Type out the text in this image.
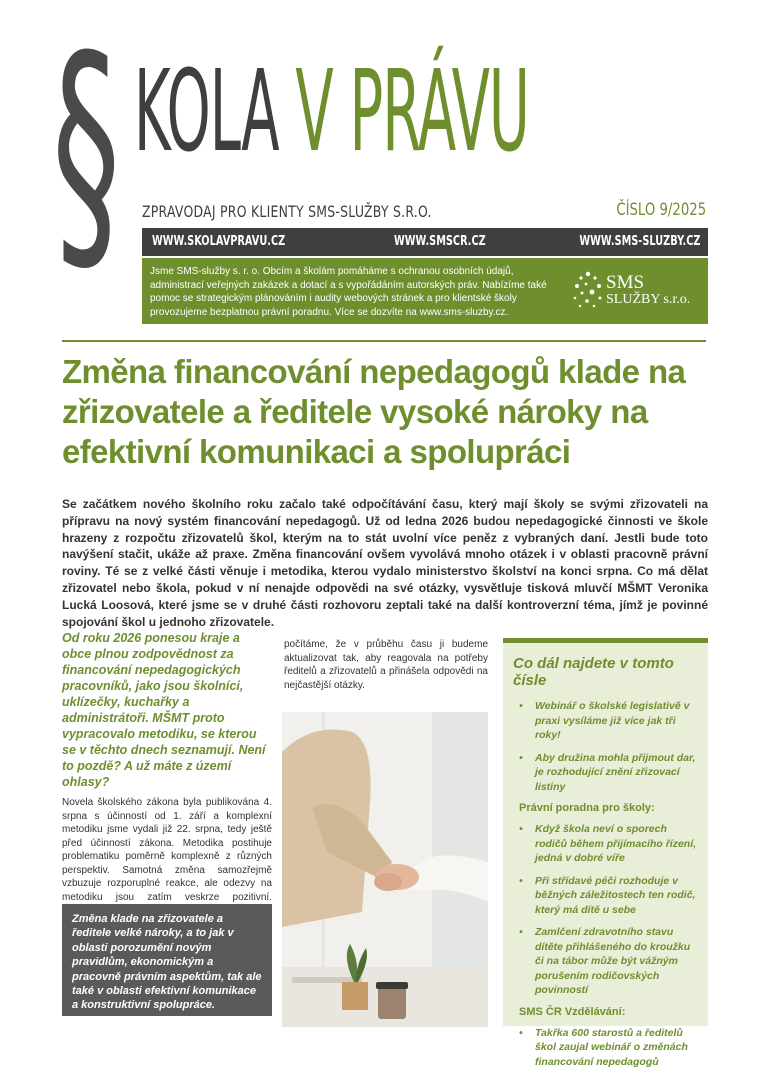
§ KOLA V PRÁVU
ZPRAVODAJ PRO KLIENTY SMS-SLUŽBY S.R.O.	ČÍSLO 9/2025
WWW.SKOLAVPRAVU.CZ	WWW.SMSCR.CZ	WWW.SMS-SLUZBY.CZ
Jsme SMS-služby s. r. o. Obcím a školám pomáháme s ochranou osobních údajů, administrací veřejných zakázek a dotací a s vypořádáním autorských práv. Nabízíme také pomoc se strategickým plánováním i audity webových stránek a pro klientské školy provozujeme bezplatnou právní poradnu. Více se dozvíte na www.sms-sluzby.cz.
SMS
SLUŽBY s.r.o.
Změna financování nepedagogů klade na zřizovatele a ředitele vysoké nároky na efektivní komunikaci a spolupráci

Se začátkem nového školního roku začalo také odpočítávání času, který mají školy se svými zřizovateli na přípravu na nový systém financování nepedagogů. Už od ledna 2026 budou nepedagogické činnosti ve škole hrazeny z rozpočtu zřizovatelů škol, kterým na to stát uvolní více peněz z vybraných daní. Jestli bude toto navýšení stačit, ukáže až praxe. Změna financování ovšem vyvolává mnoho otázek i v oblasti pracovně právní roviny. Té se z velké části věnuje i metodika, kterou vydalo ministerstvo školství na konci srpna. Co má dělat zřizovatel nebo škola, pokud v ní nenajde odpovědi na své otázky, vysvětluje tisková mluvčí MŠMT Veronika Lucká Loosová, které jsme se v druhé části rozhovoru zeptali také na další kontroverzní téma, jímž je povinné spojování škol u jednoho zřizovatele.

Od roku 2026 ponesou kraje a obce plnou zodpovědnost za financování nepedagogických pracovníků, jako jsou školníci, uklízečky, kuchařky a administrátoři. MŠMT proto vypracovalo metodiku, se kterou se v těchto dnech seznamují. Není to pozdě? A už máte z území ohlasy?

Novela školského zákona byla publikována 4. srpna s účinností od 1. září a komplexní metodiku jsme vydali již 22. srpna, tedy ještě před účinností zákona. Metodika postihuje problematiku poměrně komplexně z různých perspektiv. Samotná změna samozřejmě vzbuzuje rozporuplné reakce, ale odezvy na metodiku jsou zatím veskrze pozitivní.

Změna klade na zřizovatele a ředitele velké nároky, a to jak v oblasti porozumění novým pravidlům, ekonomickým a pracovně právním aspektům, tak ale také v oblasti efektivní komunikace a konstruktivní spolupráce.

počítáme, že v průběhu času ji budeme aktualizovat tak, aby reagovala na potřeby ředitelů a zřizovatelů a přinášela odpovědi na nejčastější otázky.

Co dál najdete v tomto čísle
• Webinář o školské legislativě v praxi vysíláme již více jak tři roky!
• Aby družina mohla přijmout dar, je rozhodující znění zřizovací listiny
Právní poradna pro školy:
• Když škola neví o sporech rodičů během přijímacího řízení, jedná v dobré víře
• Při střídavé péči rozhoduje v běžných záležitostech ten rodič, který má dítě u sebe
• Zamlčení zdravotního stavu dítěte přihlášeného do kroužku či na tábor může být vážným porušením rodičovských povinností
SMS ČR Vzdělávání:
• Takřka 600 starostů a ředitelů škol zaujal webinář o změnách financování nepedagogů
